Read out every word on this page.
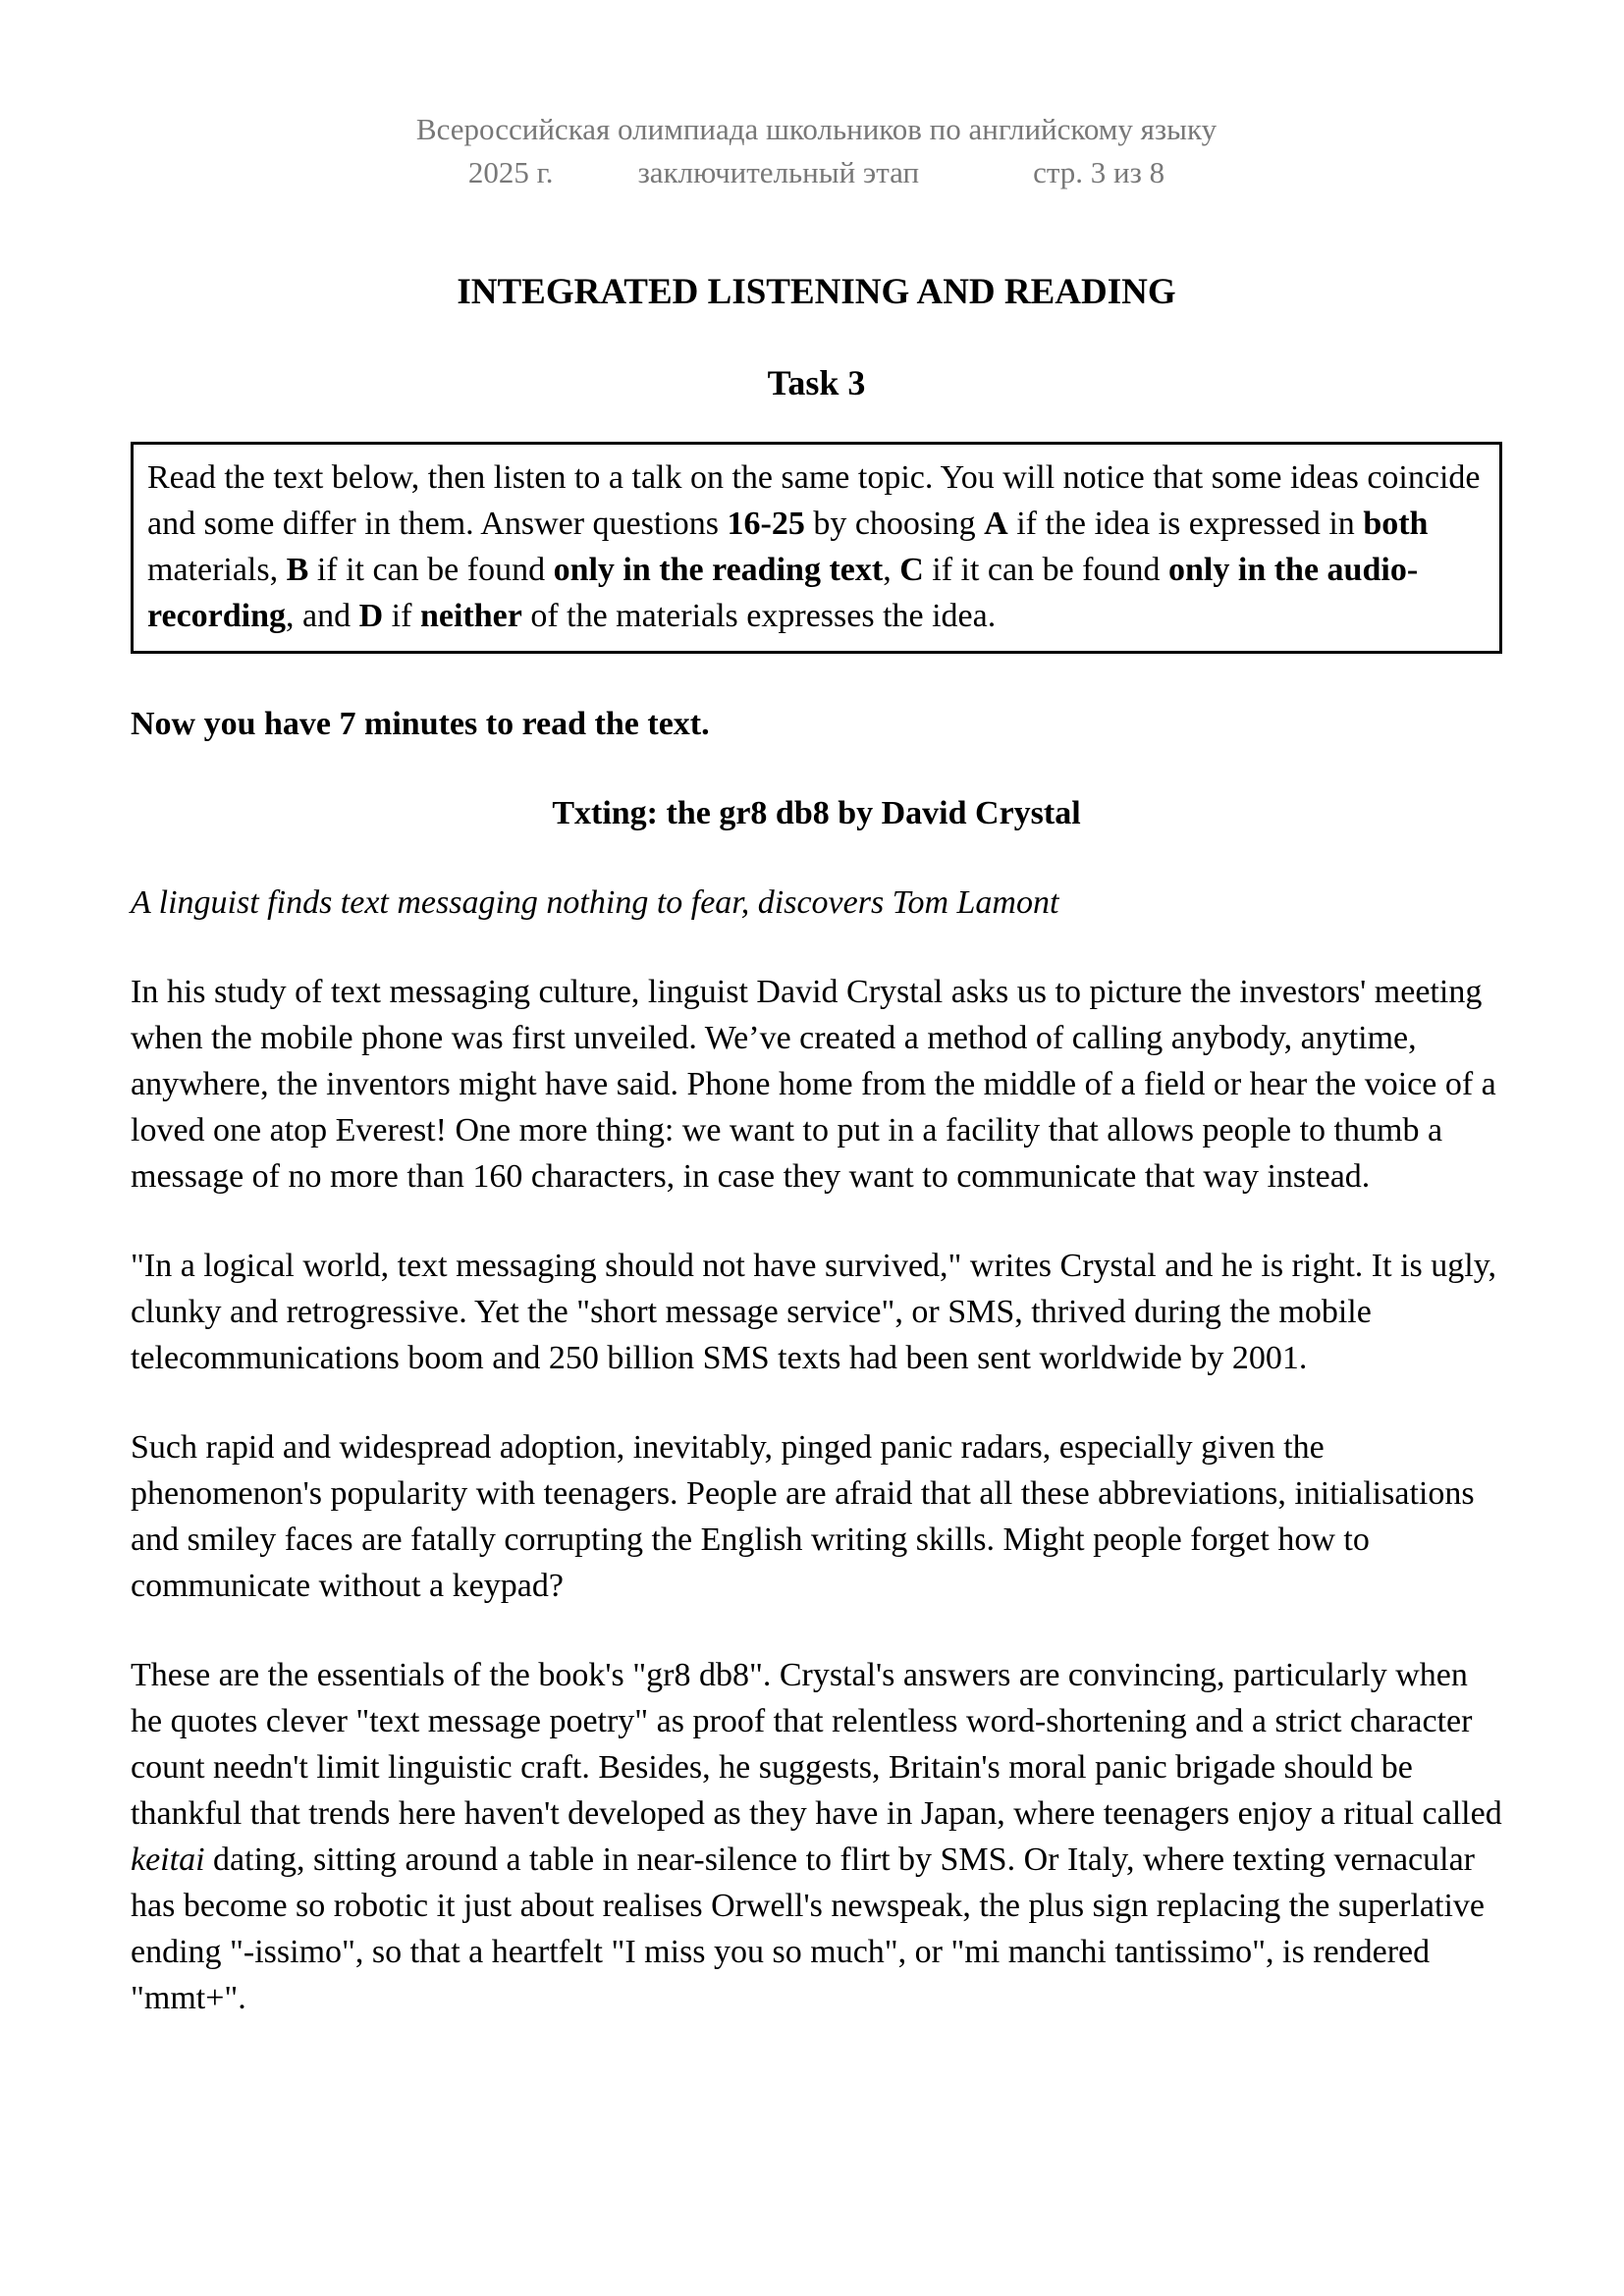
Всероссийская олимпиада школьников по английскому языку
2025 г.	заключительный этап	стр. 3 из 8
INTEGRATED LISTENING AND READING
Task 3
Read the text below, then listen to a talk on the same topic. You will notice that some ideas coincide and some differ in them. Answer questions 16-25 by choosing A if the idea is expressed in both materials, B if it can be found only in the reading text, C if it can be found only in the audio-recording, and D if neither of the materials expresses the idea.
Now you have 7 minutes to read the text.
Txting: the gr8 db8 by David Crystal
A linguist finds text messaging nothing to fear, discovers Tom Lamont
In his study of text messaging culture, linguist David Crystal asks us to picture the investors' meeting when the mobile phone was first unveiled. We’ve created a method of calling anybody, anytime, anywhere, the inventors might have said. Phone home from the middle of a field or hear the voice of a loved one atop Everest! One more thing: we want to put in a facility that allows people to thumb a message of no more than 160 characters, in case they want to communicate that way instead.
"In a logical world, text messaging should not have survived," writes Crystal and he is right. It is ugly, clunky and retrogressive. Yet the "short message service", or SMS, thrived during the mobile telecommunications boom and 250 billion SMS texts had been sent worldwide by 2001.
Such rapid and widespread adoption, inevitably, pinged panic radars, especially given the phenomenon's popularity with teenagers. People are afraid that all these abbreviations, initialisations and smiley faces are fatally corrupting the English writing skills. Might people forget how to communicate without a keypad?
These are the essentials of the book's "gr8 db8". Crystal's answers are convincing, particularly when he quotes clever "text message poetry" as proof that relentless word-shortening and a strict character count needn't limit linguistic craft. Besides, he suggests, Britain's moral panic brigade should be thankful that trends here haven't developed as they have in Japan, where teenagers enjoy a ritual called keitai dating, sitting around a table in near-silence to flirt by SMS. Or Italy, where texting vernacular has become so robotic it just about realises Orwell's newspeak, the plus sign replacing the superlative ending "-issimo", so that a heartfelt "I miss you so much", or "mi manchi tantissimo", is rendered "mmt+".
